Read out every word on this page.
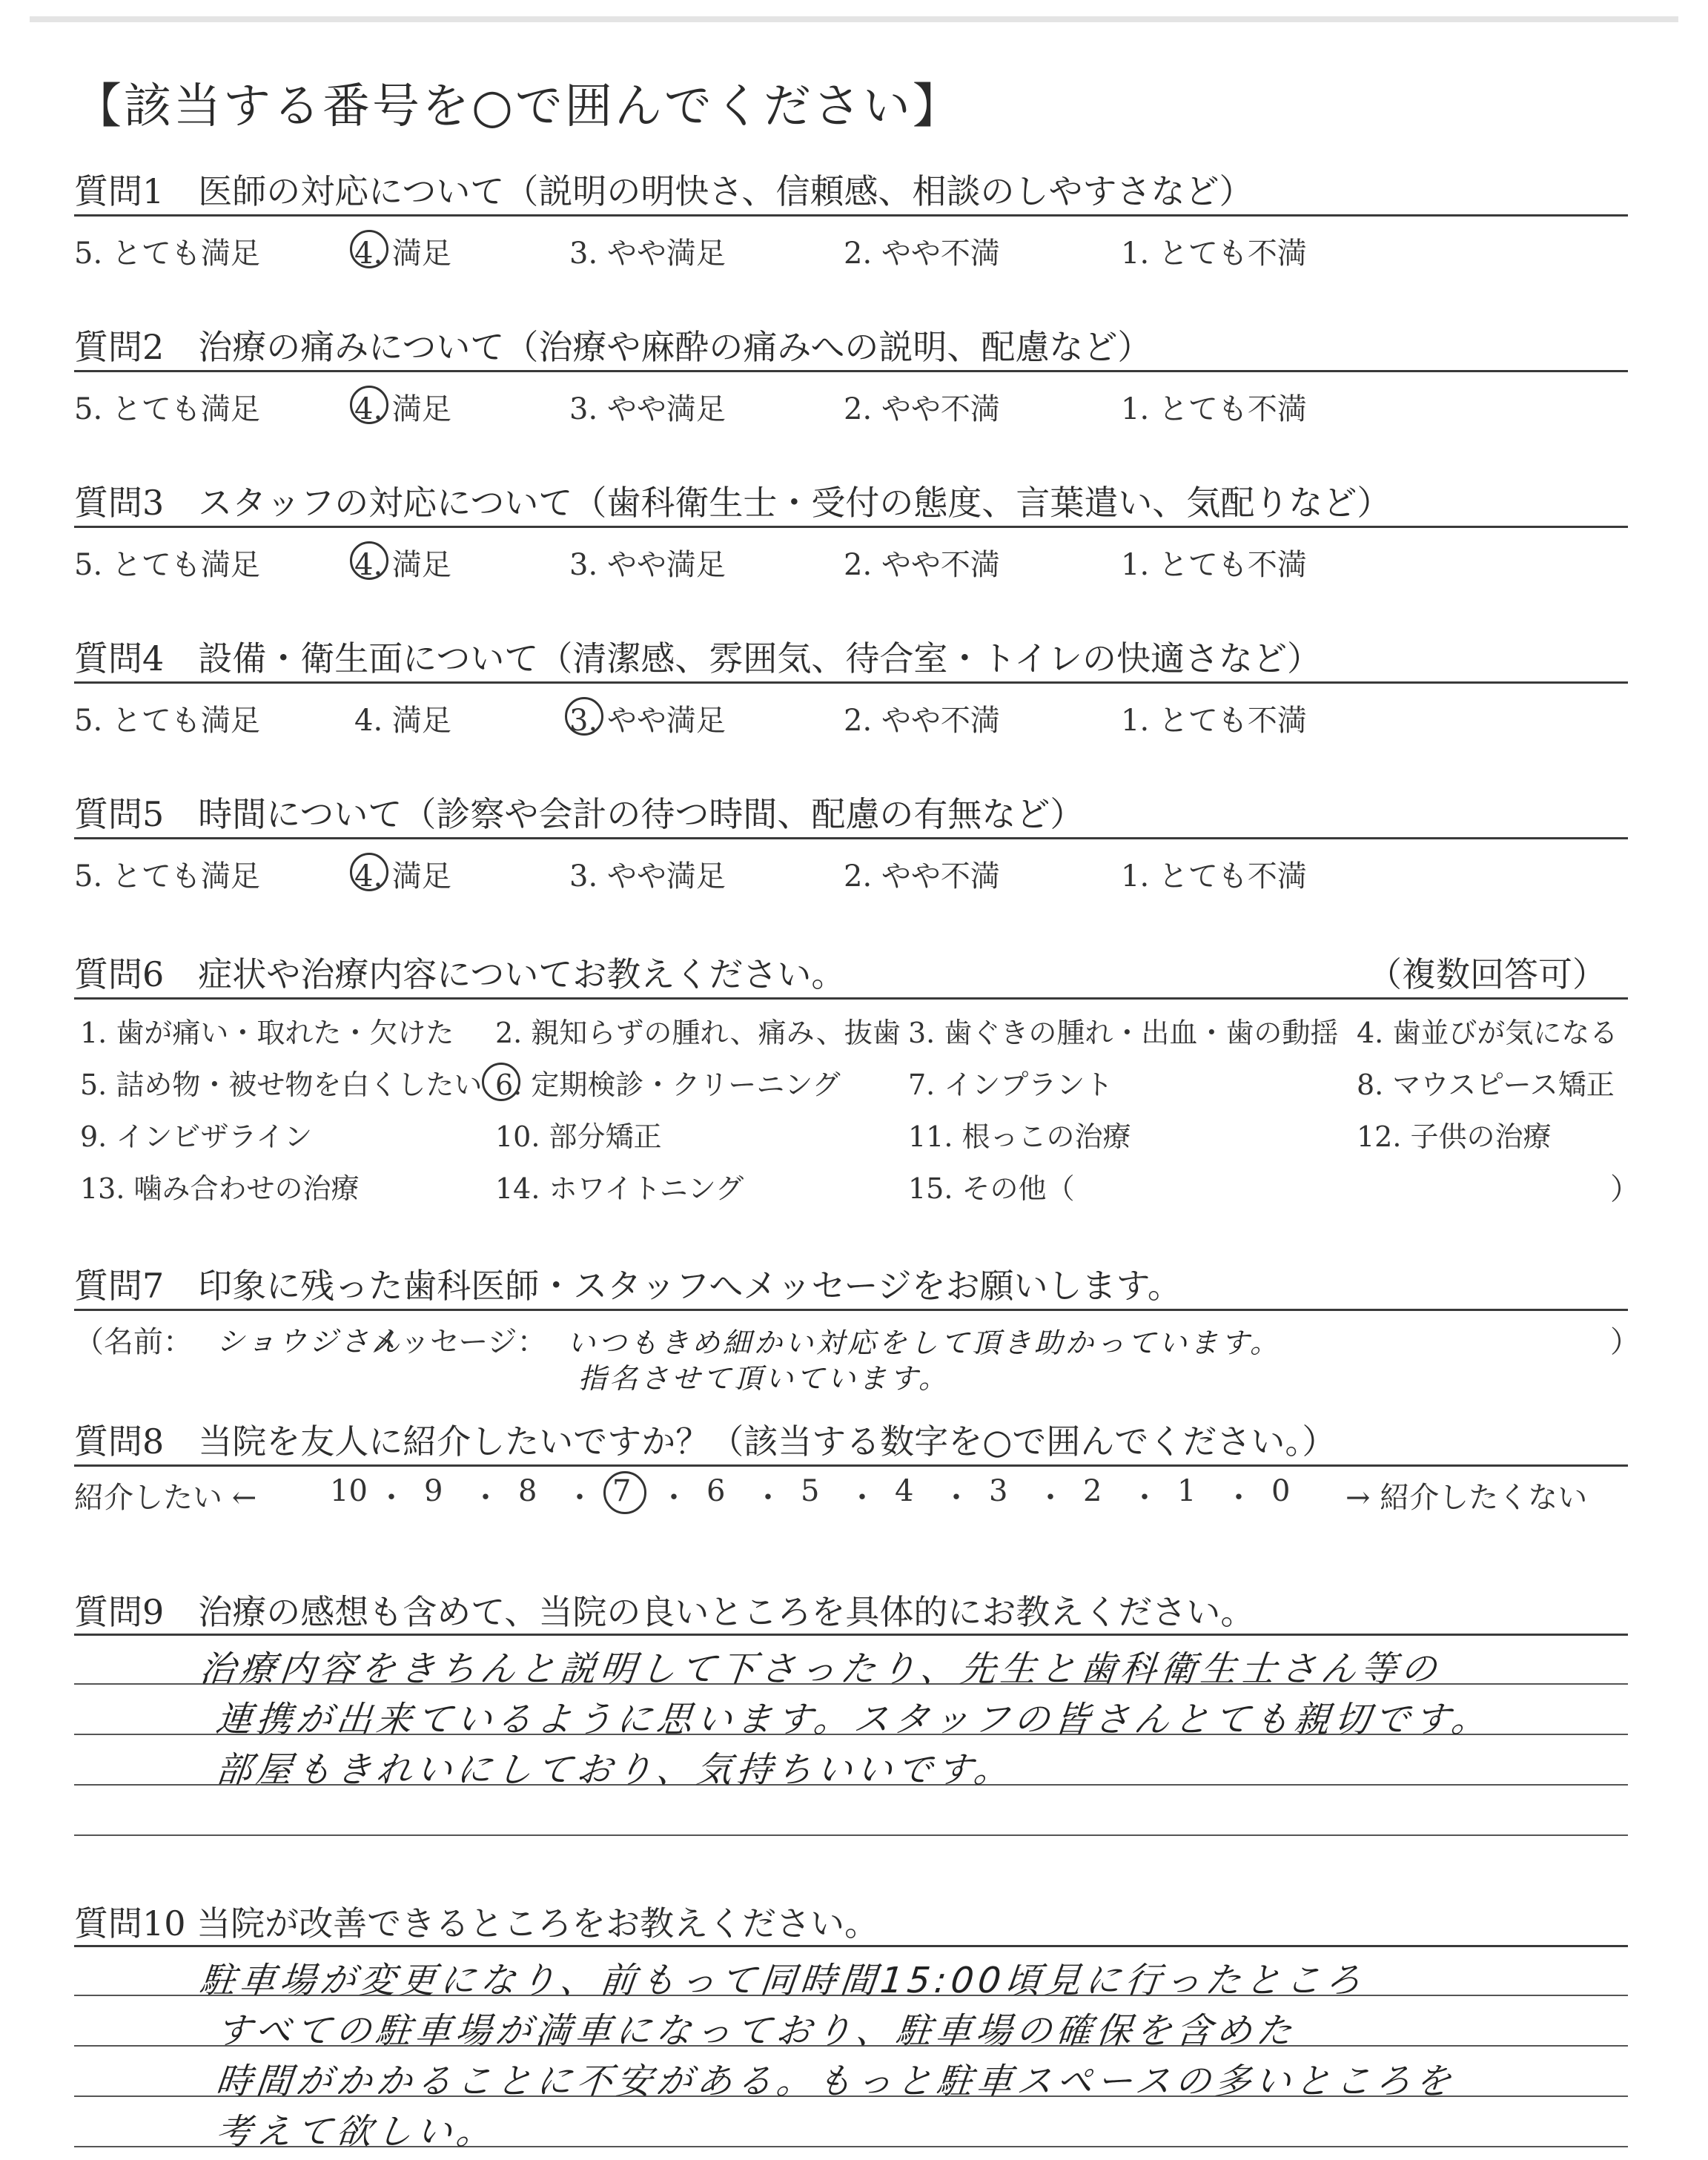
【該当する番号を○で囲んでください】
質問1　医師の対応について（説明の明快さ、信頼感、相談のしやすさなど）
5. とても満足	4. 満足	3. やや満足	2. やや不満	1. とても不満
質問2　治療の痛みについて（治療や麻酔の痛みへの説明、配慮など）
5. とても満足	4. 満足	3. やや満足	2. やや不満	1. とても不満
質問3　スタッフの対応について（歯科衛生士・受付の態度、言葉遣い、気配りなど）
5. とても満足	4. 満足	3. やや満足	2. やや不満	1. とても不満
質問4　設備・衛生面について（清潔感、雰囲気、待合室・トイレの快適さなど）
5. とても満足	4. 満足	3. やや満足	2. やや不満	1. とても不満
質問5　時間について（診察や会計の待つ時間、配慮の有無など）
5. とても満足	4. 満足	3. やや満足	2. やや不満	1. とても不満
質問6　症状や治療内容についてお教えください。	（複数回答可）
1. 歯が痛い・取れた・欠けた 2. 親知らずの腫れ、痛み、抜歯 3. 歯ぐきの腫れ・出血・歯の動揺 4. 歯並びが気になる
5. 詰め物・被せ物を白くしたい 6. 定期検診・クリーニング 7. インプラント	8. マウスピース矯正
9. インビザライン	10. 部分矯正	11. 根っこの治療	12. 子供の治療
13. 噛み合わせの治療	14. ホワイトニング	15. その他（	）
質問7　印象に残った歯科医師・スタッフへメッセージをお願いします。
（名前： ショウジさん
メッセージ： いつもきめ細かい対応をして頂き助かっています。
指名させて頂いています。
）
質問8　当院を友人に紹介したいですか？（該当する数字を○で囲んでください。）
紹介したい ← 10 ・ 9 ・ 8 ・ 7 ・ 6 ・ 5 ・ 4 ・ 3 ・ 2 ・ 1 ・ 0 → 紹介したくない
質問9　治療の感想も含めて、当院の良いところを具体的にお教えください。
治療内容をきちんと説明して下さったり、先生と歯科衛生士さん等の
連携が出来ているように思います。スタッフの皆さんとても親切です。
部屋もきれいにしており、気持ちいいです。
質問10 当院が改善できるところをお教えください。
駐車場が変更になり、前もって同時間15:00頃見に行ったところ
すべての駐車場が満車になっており、駐車場の確保を含めた
時間がかかることに不安がある。もっと駐車スペースの多いところを
考えて欲しい。
